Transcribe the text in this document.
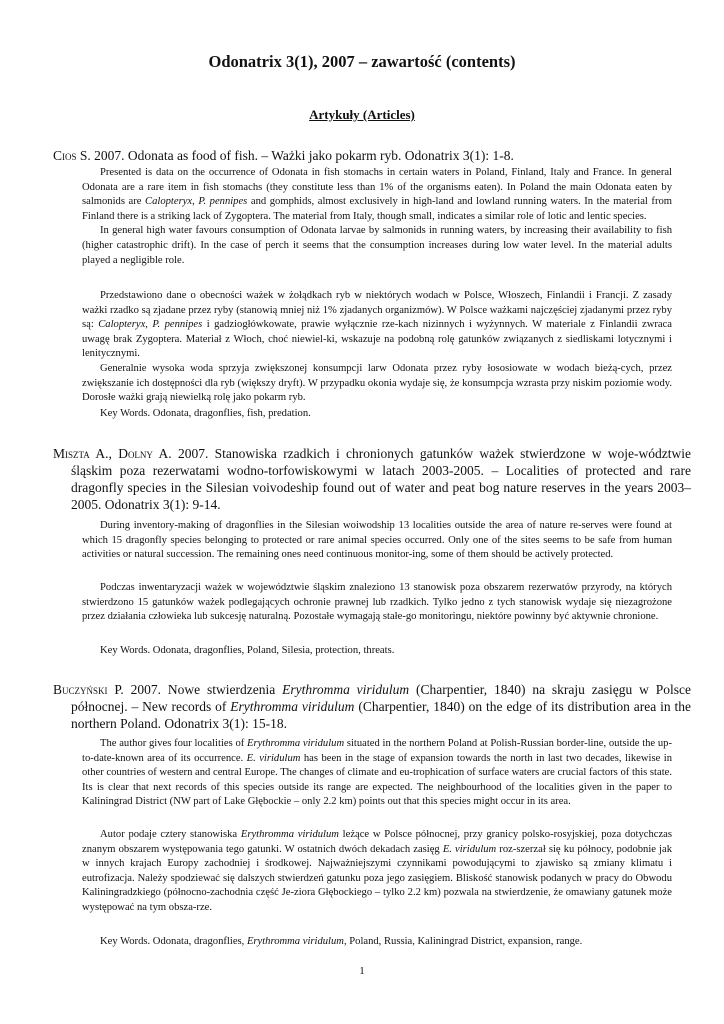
Odonatrix 3(1), 2007 – zawartość (contents)
Artykuły (Articles)
Cios S. 2007. Odonata as food of fish. – Ważki jako pokarm ryb. Odonatrix 3(1): 1-8.

Presented is data on the occurrence of Odonata in fish stomachs in certain waters in Poland, Finland, Italy and France. In general Odonata are a rare item in fish stomachs (they constitute less than 1% of the organisms eaten). In Poland the main Odonata eaten by salmonids are Calopteryx, P. pennipes and gomphids, almost exclusively in high-land and lowland running waters. In the material from Finland there is a striking lack of Zygoptera. The material from Italy, though small, indicates a similar role of lotic and lentic species.

In general high water favours consumption of Odonata larvae by salmonids in running waters, by increasing their availability to fish (higher catastrophic drift). In the case of perch it seems that the consumption increases during low water level. In the material adults played a negligible role.

Przedstawiono dane o obecności ważek w żołądkach ryb w niektórych wodach w Polsce, Włoszech, Finlandii i Francji. Z zasady ważki rzadko są zjadane przez ryby (stanowią mniej niż 1% zjadanych organizmów). W Polsce ważkami najczęściej zjadanymi przez ryby są: Calopteryx, P. pennipes i gadziogłówkowate, prawie wyłącznie rze-kach nizinnych i wyżynnych. W materiale z Finlandii zwraca uwagę brak Zygoptera. Materiał z Włoch, choć niewiel-ki, wskazuje na podobną rolę gatunków związanych z siedliskami lotycznymi i lenitycznymi.

Generalnie wysoka woda sprzyja zwiększonej konsumpcji larw Odonata przez ryby łososiowate w wodach bieżą-cych, przez zwiększanie ich dostępności dla ryb (większy dryft). W przypadku okonia wydaje się, że konsumpcja wzrasta przy niskim poziomie wody. Dorosłe ważki grają niewielką rolę jako pokarm ryb.

Key Words. Odonata, dragonflies, fish, predation.
Miszta A., Dolny A. 2007. Stanowiska rzadkich i chronionych gatunków ważek stwierdzone w woje-wództwie śląskim poza rezerwatami wodno-torfowiskowymi w latach 2003-2005. – Localities of protected and rare dragonfly species in the Silesian voivodeship found out of water and peat bog nature reserves in the years 2003–2005. Odonatrix 3(1): 9-14.

During inventory-making of dragonflies in the Silesian woiwodship 13 localities outside the area of nature re-serves were found at which 15 dragonfly species belonging to protected or rare animal species occurred. Only one of the sites seems to be safe from human activities or natural succession. The remaining ones need continuous monitor-ing, some of them should be actively protected.

Podczas inwentaryzacji ważek w województwie śląskim znaleziono 13 stanowisk poza obszarem rezerwatów przyrody, na których stwierdzono 15 gatunków ważek podlegających ochronie prawnej lub rzadkich. Tylko jedno z tych stanowisk wydaje się niezagrożone przez działania człowieka lub sukcesję naturalną. Pozostałe wymagają stałe-go monitoringu, niektóre powinny być aktywnie chronione.

Key Words. Odonata, dragonflies, Poland, Silesia, protection, threats.
Buczyński P. 2007. Nowe stwierdzenia Erythromma viridulum (Charpentier, 1840) na skraju zasięgu w Polsce północnej. – New records of Erythromma viridulum (Charpentier, 1840) on the edge of its distribution area in the northern Poland. Odonatrix 3(1): 15-18.

The author gives four localities of Erythromma viridulum situated in the northern Poland at Polish-Russian border-line, outside the up-to-date-known area of its occurrence. E. viridulum has been in the stage of expansion towards the north in last two decades, likewise in other countries of western and central Europe. The changes of climate and eu-trophication of surface waters are crucial factors of this state. Its is clear that next records of this species outside its range are expected. The neighbourhood of the localities given in the paper to Kaliningrad District (NW part of Lake Głębockie – only 2.2 km) points out that this species might occur in its area.

Autor podaje cztery stanowiska Erythromma viridulum leżące w Polsce północnej, przy granicy polsko-rosyjskiej, poza dotychczas znanym obszarem występowania tego gatunki. W ostatnich dwóch dekadach zasięg E. viridulum roz-szerzał się ku północy, podobnie jak w innych krajach Europy zachodniej i środkowej. Najważniejszymi czynnikami powodującymi to zjawisko są zmiany klimatu i eutrofizacja. Należy spodziewać się dalszych stwierdzeń gatunku poza jego zasięgiem. Bliskość stanowisk podanych w pracy do Obwodu Kaliningradzkiego (północno-zachodnia część Je-ziora Głębockiego – tylko 2.2 km) pozwala na stwierdzenie, że omawiany gatunek może występować na tym obsza-rze.

Key Words. Odonata, dragonflies, Erythromma viridulum, Poland, Russia, Kaliningrad District, expansion, range.
1
